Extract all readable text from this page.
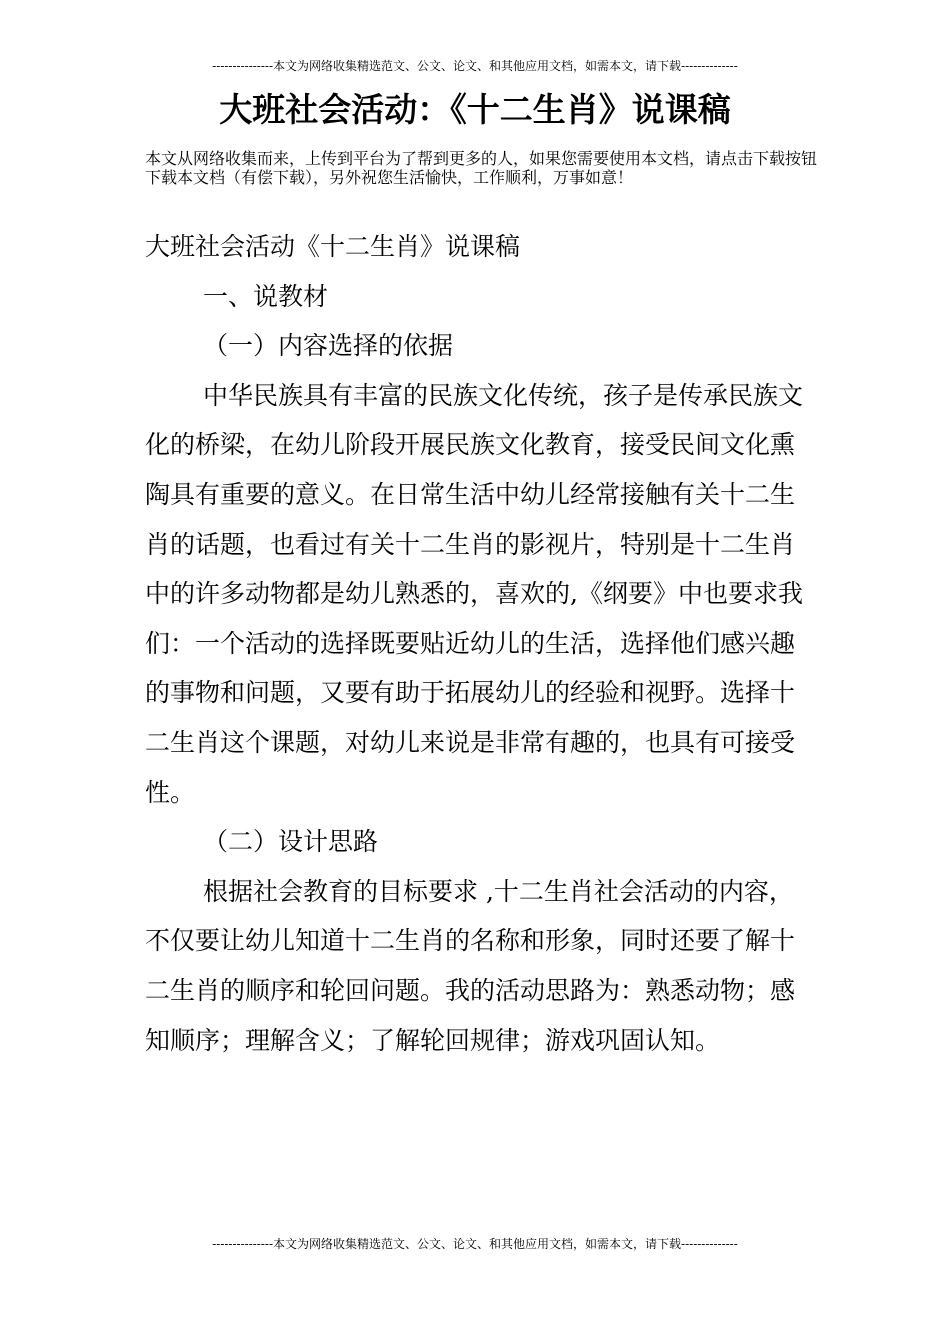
---------------本文为网络收集精选范文、公文、论文、和其他应用文档，如需本文，请下载--------------
大班社会活动：《十二生肖》说课稿

本文从网络收集而来，上传到平台为了帮到更多的人，如果您需要使用本文档，请点击下载按钮下载本文档（有偿下载），另外祝您生活愉快，工作顺利，万事如意！

大班社会活动《十二生肖》说课稿

一、说教材

（一）内容选择的依据

中华民族具有丰富的民族文化传统，孩子是传承民族文化的桥梁，在幼儿阶段开展民族文化教育，接受民间文化熏陶具有重要的意义。在日常生活中幼儿经常接触有关十二生肖的话题，也看过有关十二生肖的影视片，特别是十二生肖中的许多动物都是幼儿熟悉的，喜欢的,《纲要》中也要求我们：一个活动的选择既要贴近幼儿的生活，选择他们感兴趣的事物和问题，又要有助于拓展幼儿的经验和视野。选择十二生肖这个课题，对幼儿来说是非常有趣的，也具有可接受性。

（二）设计思路

根据社会教育的目标要求 ,十二生肖社会活动的内容，不仅要让幼儿知道十二生肖的名称和形象，同时还要了解十二生肖的顺序和轮回问题。我的活动思路为：熟悉动物；感知顺序；理解含义；了解轮回规律；游戏巩固认知。

---------------本文为网络收集精选范文、公文、论文、和其他应用文档，如需本文，请下载--------------
